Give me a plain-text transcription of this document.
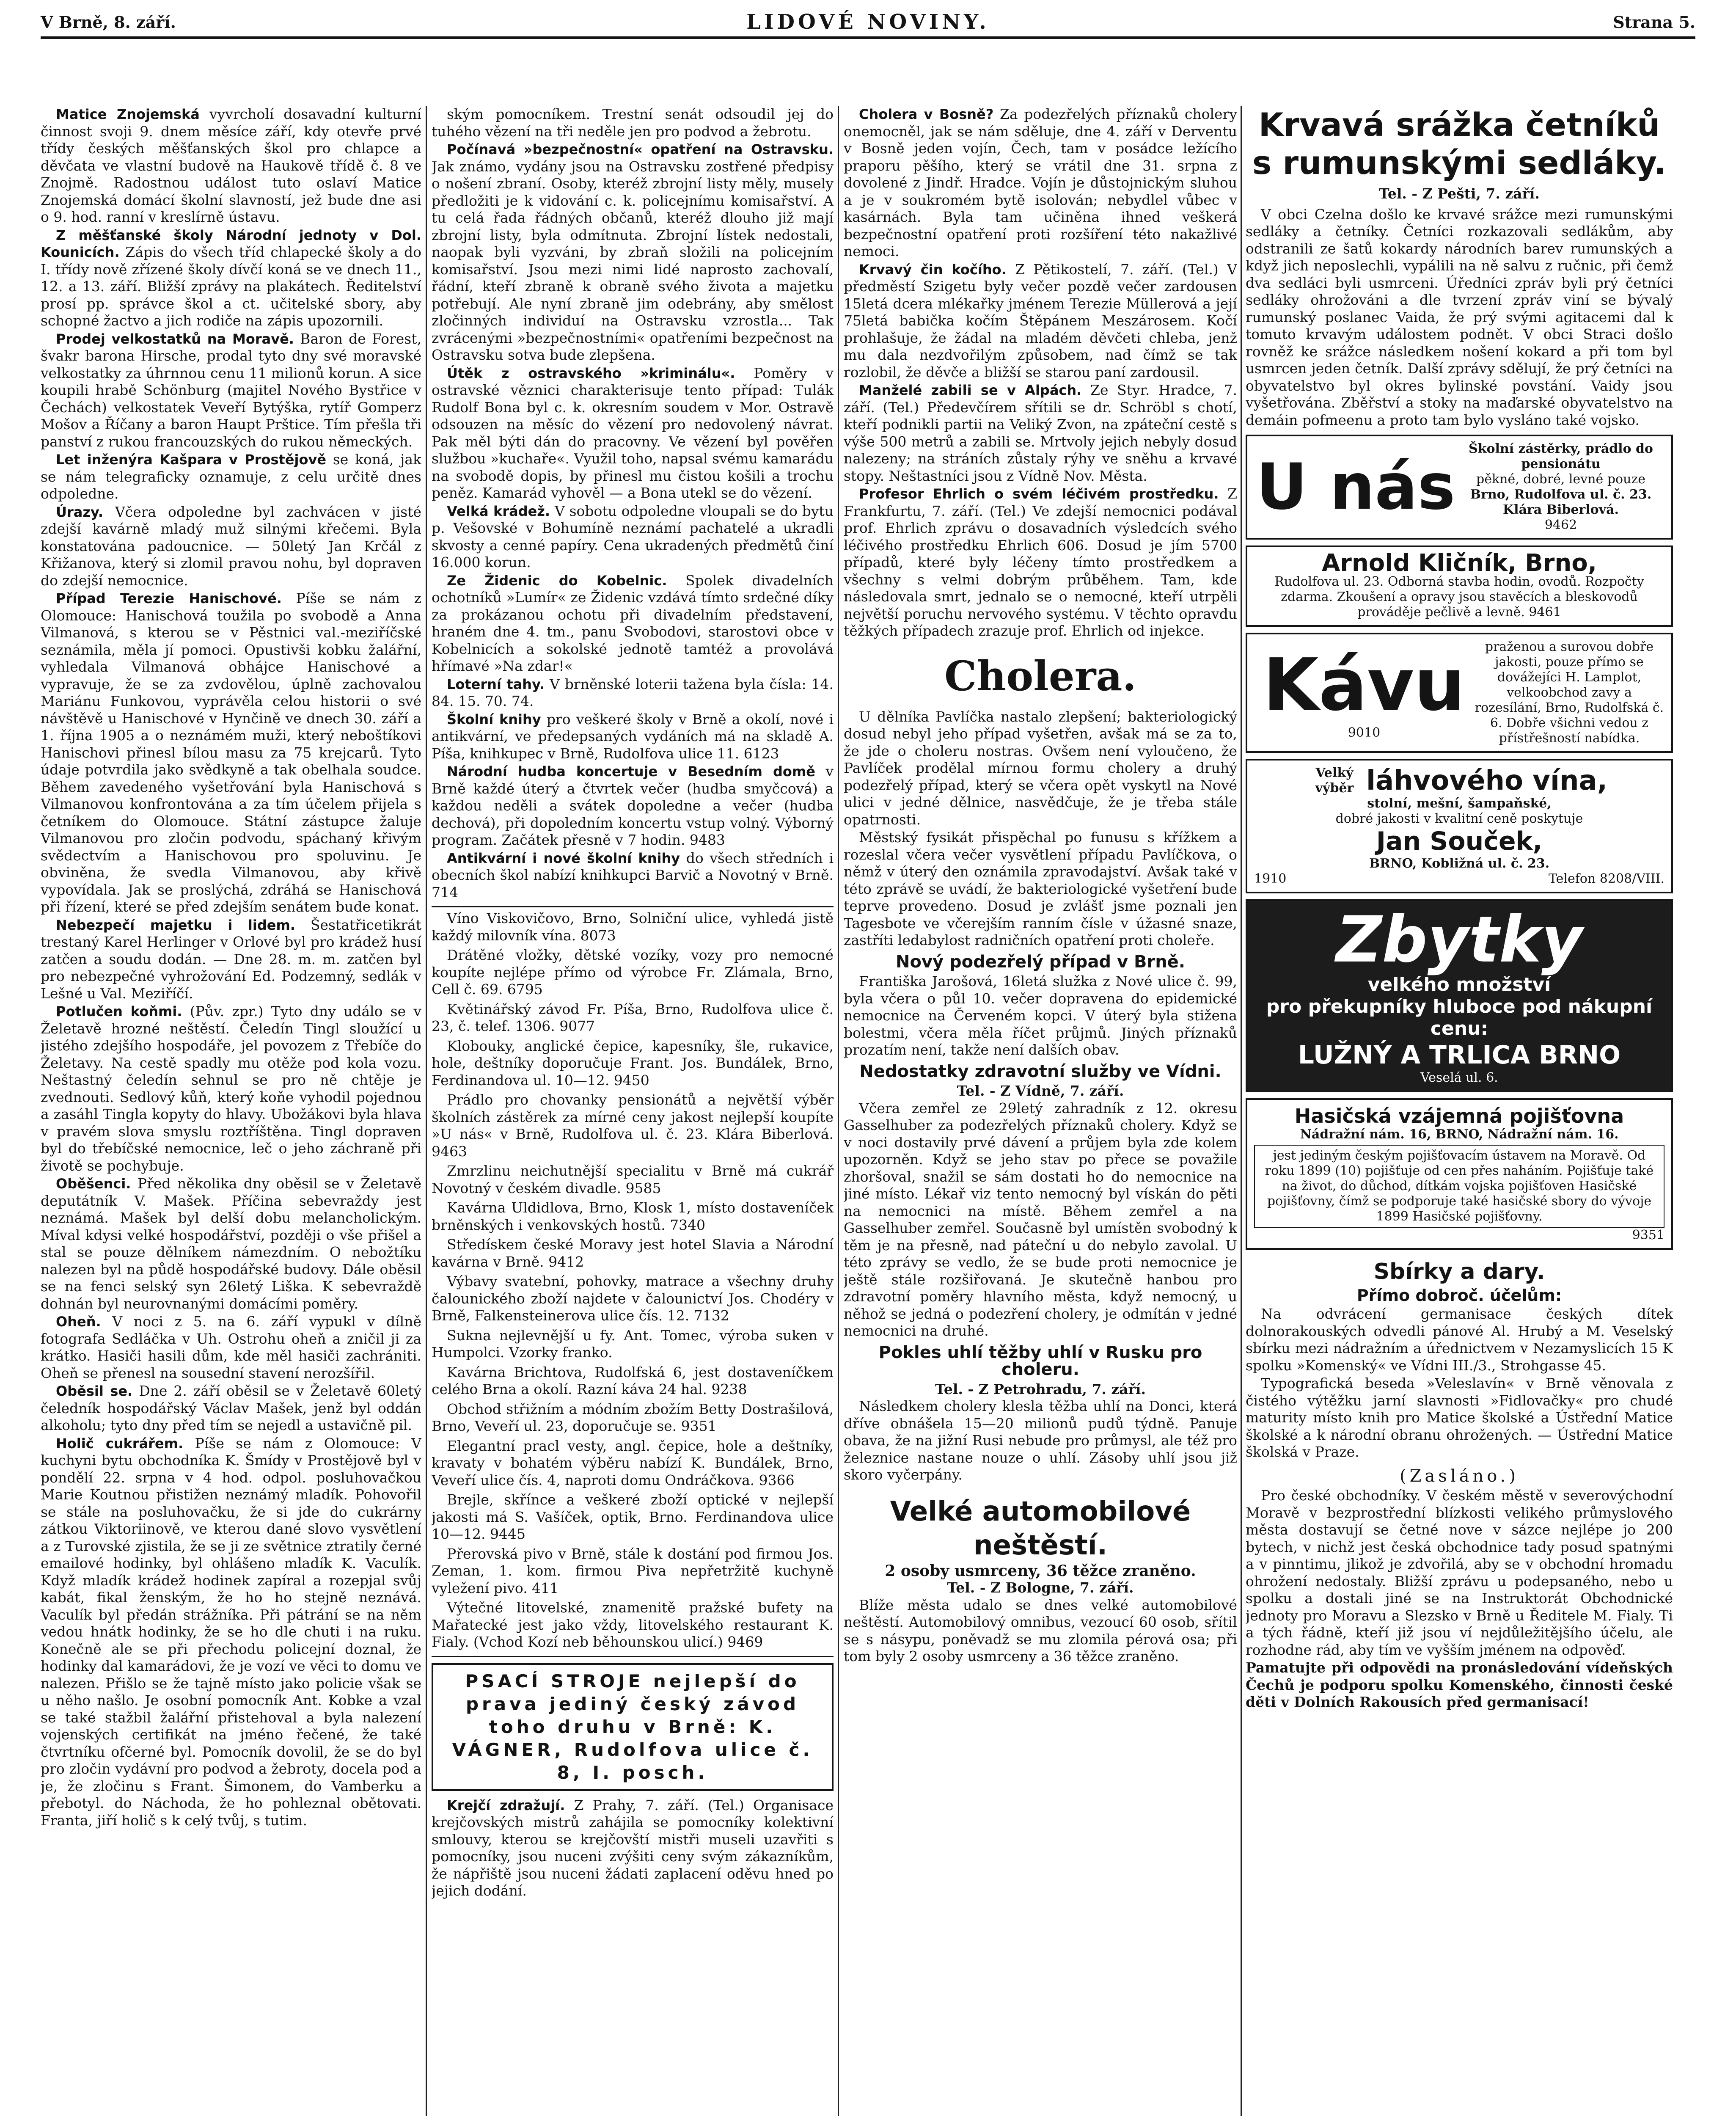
V Brně, 8. září.	LIDOVÉ NOVINY.	Strana 5.

Matice Znojemská vyvrcholí dosavadní kulturní činnost svoji 9. dnem měsíce září, kdy otevře prvé třídy českých měšťanských škol pro chlapce a děvčata ve vlastní budově na Haukově třídě č. 8 ve Znojmě. Radostnou událost tuto oslaví Matice Znojemská domácí školní slavností, jež bude dne asi o 9. hod. ranní v kreslírně ústavu.

Z měšťanské školy Národní jednoty v Dol. Kounicích. Zápis do všech tříd chlapecké školy a do I. třídy nově zřízené školy dívčí koná se ve dnech 11., 12. a 13. září. Bližší zprávy na plakátech. Ředitelství prosí pp. správce škol a ct. učitelské sbory, aby schopné žactvo a jich rodiče na zápis upozornili.

Prodej velkostatků na Moravě. Baron de Forest, švakr barona Hirsche, prodal tyto dny své moravské velkostatky za úhrnnou cenu 11 milionů korun. A sice koupili hrabě Schönburg (majitel Nového Bystřice v Čechách) velkostatek Veveří Bytýška, rytíř Gomperz Mošov a Říčany a baron Haupt Prštice. Tím přešla tři panství z rukou francouzských do rukou německých.

Let inženýra Kašpara v Prostějově se koná, jak se nám telegraficky oznamuje, z celu určitě dnes odpoledne.

Úrazy. Včera odpoledne byl zachvácen v jisté zdejší kavárně mladý muž silnými křečemi. Byla konstatována padoucnice. — 50letý Jan Krčál z Křižanova, který si zlomil pravou nohu, byl dopraven do zdejší nemocnice.

Případ Terezie Hanischové. Píše se nám z Olomouce: Hanischová toužila po svobodě a Anna Vilmanová, s kterou se v Pěstnici val.-meziříčské seznámila, měla jí pomoci. Opustivši kobku žalářní, vyhledala Vilmanová obhájce Hanischové a vypravuje, že se za zvdovělou, úplně zachovalou Mariánu Funkovou, vyprávěla celou historii o své návštěvě u Hanischové v Hynčině ve dnech 30. září a 1. října 1905 a o neznámém muži, který neboštíkovi Hanischovi přinesl bílou masu za 75 krejcarů. Tyto údaje potvrdila jako svědkyně a tak obelhala soudce. Během zavedeného vyšetřování byla Hanischová s Vilmanovou konfrontována a za tím účelem přijela s četníkem do Olomouce. Státní zástupce žaluje Vilmanovou pro zločin podvodu, spáchaný křivým svědectvím a Hanischovou pro spoluvinu. Je obviněna, že svedla Vilmanovou, aby křivě vypovídala. Jak se proslýchá, zdráhá se Hanischová při řízení, které se před zdejším senátem bude konat.

Nebezpečí majetku i lidem. Šestatřicetikrát trestaný Karel Herlinger v Orlové byl pro krádež husí zatčen a soudu dodán. — Dne 28. m. m. zatčen byl pro nebezpečné vyhrožování Ed. Podzemný, sedlák v Lešné u Val. Meziříčí.

Potlučen koňmi. (Pův. zpr.) Tyto dny událo se v Želetavě hrozné neštěstí. Čeledín Tingl sloužící u jistého zdejšího hospodáře, jel povozem z Třebíče do Želetavy. Na cestě spadly mu otěže pod kola vozu. Neštastný čeledín sehnul se pro ně chtěje je zvednouti. Sedlový kůň, který koňe vyhodil pojednou a zasáhl Tingla kopyty do hlavy. Ubožákovi byla hlava v pravém slova smyslu roztříštěna. Tingl dopraven byl do třebíčské nemocnice, leč o jeho záchraně při životě se pochybuje.

Oběšenci. Před několika dny oběsil se v Želetavě deputátník V. Mašek. Příčina sebevraždy jest neznámá. Mašek byl delší dobu melancholickým. Míval kdysi velké hospodářství, později o vše přišel a stal se pouze dělníkem námezdním. O nebožtíku nalezen byl na půdě hospodářské budovy. Dále oběsil se na fenci selský syn 26letý Liška. K sebevraždě dohnán byl neurovnanými domácími poměry.

Oheň. V noci z 5. na 6. září vypukl v dílně fotografa Sedláčka v Uh. Ostrohu oheň a zničil ji za krátko. Hasiči hasili dům, kde měl hasiči zachrániti. Oheň se přenesl na sousední stavení nerozšířil.

Oběsil se. Dne 2. září oběsil se v Želetavě 60letý čeledník hospodářský Václav Mašek, jenž byl oddán alkoholu; tyto dny před tím se nejedl a ustavičně pil.

Holič cukrářem. Píše se nám z Olomouce: V kuchyni bytu obchodníka K. Šmídy v Prostějově byl v pondělí 22. srpna v 4 hod. odpol. posluhovačkou Marie Koutnou přistižen neznámý mladík. Pohovořil se stále na posluhovačku, že si jde do cukrárny zátkou Viktoriinově, ve kterou dané slovo vysvětlení a z Turovské zjistila, že se ji ze světnice ztratily černé emailové hodinky, byl ohlášeno mladík K. Vaculík. Když mladík krádež hodinek zapíral a rozepjal svůj kabát, fikal ženským, že ho ho stejně neznává. Vaculík byl předán strážníka. Při pátrání se na něm vedou hnátk hodinky, že se ho dle chuti i na ruku. Konečně ale se při přechodu policejní doznal, že hodinky dal kamarádovi, že je vozí ve věci to domu ve nalezen. Přišlo se že tajně místo jako policie však se u něho našlo. Je osobní pomocník Ant. Kobke a vzal se také stažbil žalářní přistehoval a byla nalezení vojenských certifikát na jméno řečené, že také čtvrtníku ofčerné byl. Pomocník dovolil, že se do byl pro zločin vydávní pro podvod a žebroty, docela pod a je, že zločinu s Frant. Šimonem, do Vamberku a přebotyl. do Náchoda, že ho pohleznal obětovati. Franta, jiří holič s k celý tvůj, s tutim.

ským pomocníkem. Trestní senát odsoudil jej do tuhého vězení na tři neděle jen pro podvod a žebrotu.

Počínavá »bezpečnostní« opatření na Ostravsku. Jak známo, vydány jsou na Ostravsku zostřené předpisy o nošení zbraní. Osoby, kteréž zbrojní listy měly, musely předložiti je k vidování c. k. policejnímu komisařství. A tu celá řada řádných občanů, kteréž dlouho již mají zbrojní listy, byla odmítnuta. Zbrojní lístek nedostali, naopak byli vyzváni, by zbraň složili na policejním komisařství. Jsou mezi nimi lidé naprosto zachovalí, řádní, kteří zbraně k obraně svého života a majetku potřebují. Ale nyní zbraně jim odebrány, aby smělost zločinných individuí na Ostravsku vzrostla... Tak zvrácenými »bezpečnostními« opatřeními bezpečnost na Ostravsku sotva bude zlepšena.

Útěk z ostravského »kriminálu«. Poměry v ostravské věznici charakterisuje tento případ: Tulák Rudolf Bona byl c. k. okresním soudem v Mor. Ostravě odsouzen na měsíc do vězení pro nedovolený návrat. Pak měl býti dán do pracovny. Ve vězení byl pověřen službou »kuchaře«. Využil toho, napsal svému kamarádu na svobodě dopis, by přinesl mu čistou košili a trochu peněz. Kamarád vyhověl — a Bona utekl se do vězení.

Velká krádež. V sobotu odpoledne vloupali se do bytu p. Vešovské v Bohumíně neznámí pachatelé a ukradli skvosty a cenné papíry. Cena ukradených předmětů činí 16.000 korun.

Ze Židenic do Kobelnic. Spolek divadelních ochotníků »Lumír« ze Židenic vzdává tímto srdečné díky za prokázanou ochotu při divadelním představení, hraném dne 4. tm., panu Svobodovi, starostovi obce v Kobelnicích a sokolské jednotě tamtéž a provolává hřímavé »Na zdar!«

Loterní tahy. V brněnské loterii tažena byla čísla: 14. 84. 15. 70. 74.

Školní knihy pro veškeré školy v Brně a okolí, nové i antikvární, ve předepsaných vydáních má na skladě A. Píša, knihkupec v Brně, Rudolfova ulice 11. 6123

Národní hudba koncertuje v Besedním domě v Brně každé úterý a čtvrtek večer (hudba smyčcová) a každou neděli a svátek dopoledne a večer (hudba dechová), při dopoledním koncertu vstup volný. Výborný program. Začátek přesně v 7 hodin. 9483

Antikvární i nové školní knihy do všech středních i obecních škol nabízí knihkupci Barvič a Novotný v Brně. 714

Víno Viskovičovo, Brno, Solniční ulice, vyhledá jistě každý milovník vína. 8073

Drátěné vložky, dětské vozíky, vozy pro nemocné koupíte nejlépe přímo od výrobce Fr. Zlámala, Brno, Cell č. 69. 6795

Květinářský závod Fr. Píša, Brno, Rudolfova ulice č. 23, č. telef. 1306. 9077

Klobouky, anglické čepice, kapesníky, šle, rukavice, hole, deštníky doporučuje Frant. Jos. Bundálek, Brno, Ferdinandova ul. 10—12. 9450

Prádlo pro chovanky pensionátů a největší výběr školních zástěrek za mírné ceny jakost nejlepší koupíte »U nás« v Brně, Rudolfova ul. č. 23. Klára Biberlová. 9463

Zmrzlinu neichutnější specialitu v Brně má cukrář Novotný v českém divadle. 9585

Kavárna Uldidlova, Brno, Klosk 1, místo dostaveníček brněnských i venkovských hostů. 7340

Středískem české Moravy jest hotel Slavia a Národní kavárna v Brně. 9412

Výbavy svatební, pohovky, matrace a všechny druhy čalounického zboží najdete v čalounictví Jos. Chodéry v Brně, Falkensteinerova ulice čís. 12. 7132

Sukna nejlevnější u fy. Ant. Tomec, výroba suken v Humpolci. Vzorky franko.

Kavárna Brichtova, Rudolfská 6, jest dostaveníčkem celého Brna a okolí. Razní káva 24 hal. 9238

Obchod střižním a módním zbožím Betty Dostrašilová, Brno, Veveří ul. 23, doporučuje se. 9351

Elegantní pracl vesty, angl. čepice, hole a deštníky, kravaty v bohatém výběru nabízí K. Bundálek, Brno, Veveří ulice čís. 4, naproti domu Ondráčkova. 9366

Brejle, skřínce a veškeré zboží optické v nejlepší jakosti má S. Vašíček, optik, Brno. Ferdinandova ulice 10—12. 9445

Přerovská pivo v Brně, stále k dostání pod firmou Jos. Zeman, 1. kom. firmou Piva nepřetržitě kuchyně vyležení pivo. 411

Výtečné litovelské, znamenitě pražské bufety na Mařatecké jest jako vždy, litovelského restaurant K. Fialy. (Vchod Kozí neb běhounskou ulicí.) 9469

PSACÍ STROJE nejlepší do prava jediný český závod toho druhu v Brně: K. VÁGNER, Rudolfova ulice č. 8, I. posch.

Krejčí zdražují. Z Prahy, 7. září. (Tel.) Organisace krejčovských mistrů zahájila se pomocníky kolektivní smlouvy, kterou se krejčovští mistři museli uzavřiti s pomocníky, jsou nuceni zvýšiti ceny svým zákazníkům, že nápřiště jsou nuceni žádati zaplacení oděvu hned po jejich dodání.

Cholera v Bosně? Za podezřelých příznaků cholery onemocněl, jak se nám sděluje, dne 4. září v Derventu v Bosně jeden vojín, Čech, tam v posádce ležícího praporu pěšího, který se vrátil dne 31. srpna z dovolené z Jindř. Hradce. Vojín je důstojnickým sluhou a je v soukromém bytě isolován; nebydlel vůbec v kasárnách. Byla tam učiněna ihned veškerá bezpečnostní opatření proti rozšíření této nakažlivé nemoci.

Krvavý čin kočího. Z Pětikostelí, 7. září. (Tel.) V předměstí Szigetu byly večer pozdě večer zardousen 15letá dcera mlékařky jménem Terezie Müllerová a její 75letá babička kočím Štěpánem Meszárosem. Kočí prohlašuje, že žádal na mladém děvčeti chleba, jenž mu dala nezdvořilým způsobem, nad čímž se tak rozlobil, že děvče a bližší se starou paní zardousil.

Manželé zabili se v Alpách. Ze Styr. Hradce, 7. září. (Tel.) Předevčírem sřítili se dr. Schröbl s chotí, kteří podnikli partii na Veliký Zvon, na zpáteční cestě s výše 500 metrů a zabili se. Mrtvoly jejich nebyly dosud nalezeny; na stráních zůstaly rýhy ve sněhu a krvavé stopy. Neštastníci jsou z Vídně Nov. Města.

Profesor Ehrlich o svém léčivém prostředku. Z Frankfurtu, 7. září. (Tel.) Ve zdejší nemocnici podával prof. Ehrlich zprávu o dosavadních výsledcích svého léčivého prostředku Ehrlich 606. Dosud je jím 5700 případů, které byly léčeny tímto prostředkem a všechny s velmi dobrým průběhem. Tam, kde následovala smrt, jednalo se o nemocné, kteří utrpěli největší poruchu nervového systému. V těchto opravdu těžkých případech zrazuje prof. Ehrlich od injekce.

Cholera.

U dělníka Pavlíčka nastalo zlepšení; bakteriologický dosud nebyl jeho případ vyšetřen, avšak má se za to, že jde o choleru nostras. Ovšem není vyloučeno, že Pavlíček prodělal mírnou formu cholery a druhý podezřelý případ, který se včera opět vyskytl na Nové ulici v jedné dělnice, nasvědčuje, že je třeba stále opatrnosti.

Městský fysikát přispěchal po funusu s křížkem a rozeslal včera večer vysvětlení případu Pavlíčkova, o němž v úterý den oznámila zpravodajství. Avšak také v této zprávě se uvádí, že bakteriologické vyšetření bude teprve provedeno. Dosud je zvlášť jsme poznali jen Tagesbote ve včerejším ranním čísle v úžasné snaze, zastříti ledabylost radničních opatření proti choleře.

Nový podezřelý případ v Brně.

Františka Jarošová, 16letá služka z Nové ulice č. 99, byla včera o půl 10. večer dopravena do epidemické nemocnice na Červeném kopci. V úterý byla stižena bolestmi, včera měla říčet průjmů. Jiných příznaků prozatím není, takže není dalších obav.

Nedostatky zdravotní služby ve Vídni.
Tel. - Z Vídně, 7. září.

Včera zemřel ze 29letý zahradník z 12. okresu Gasselhuber za podezřelých příznaků cholery. Když se v noci dostavily prvé dávení a průjem byla zde kolem upozorněn. Když se jeho stav po přece se považile zhoršoval, snažil se sám dostati ho do nemocnice na jiné místo. Lékař viz tento nemocný byl vískán do pěti na nemocnici na místě. Během zemřel a na Gasselhuber zemřel. Současně byl umístěn svobodný k těm je na přesně, nad páteční u do nebylo zavolal. U této zprávy se vedlo, že se bude proti nemocnice je ještě stále rozšiřovaná. Je skutečně hanbou pro zdravotní poměry hlavního města, když nemocný, u něhož se jedná o podezření cholery, je odmítán v jedné nemocnici na druhé.

Pokles uhlí těžby uhlí v Rusku pro choleru.
Tel. - Z Petrohradu, 7. září.

Následkem cholery klesla těžba uhlí na Donci, která dříve obnášela 15—20 milionů pudů týdně. Panuje obava, že na jižní Rusi nebude pro průmysl, ale též pro železnice nastane nouze o uhlí. Zásoby uhlí jsou již skoro vyčerpány.

Velké automobilové neštěstí.
2 osoby usmrceny, 36 těžce zraněno.
Tel. - Z Bologne, 7. září.

Blíže města udalo se dnes velké automobilové neštěstí. Automobilový omnibus, vezoucí 60 osob, sřítil se s násypu, poněvadž se mu zlomila pérová osa; při tom byly 2 osoby usmrceny a 36 těžce zraněno.

Krvavá srážka četníků
s rumunskými sedláky.
Tel. - Z Pešti, 7. září.

V obci Czelna došlo ke krvavé srážce mezi rumunskými sedláky a četníky. Četníci rozkazovali sedlákům, aby odstranili ze šatů kokardy národních barev rumunských a když jich neposlechli, vypálili na ně salvu z ručnic, při čemž dva sedláci byli usmrceni. Úředníci zpráv byli prý četníci sedláky ohrožováni a dle tvrzení zpráv viní se bývalý rumunský poslanec Vaida, že prý svými agitacemi dal k tomuto krvavým událostem podnět. V obci Straci došlo rovněž ke srážce následkem nošení kokard a při tom byl usmrcen jeden četník. Další zprávy sdělují, že prý četníci na obyvatelstvo byl okres bylinské povstání. Vaidy jsou vyšetřována. Zběřství a stoky na maďarské obyvatelstvo na demáin pofmeenu a proto tam bylo vysláno také vojsko.

U nás
Školní zástěrky, prádlo do pensionátu
pěkné, dobré, levné pouze
Brno, Rudolfova ul. č. 23. Klára Biberlová.
9462
Arnold Kličník, Brno,
Rudolfova ul. 23. Odborná stavba hodin, ovodů. Rozpočty zdarma. Zkoušení a opravy jsou stavěcích a bleskovodů prováděje pečlivě a levně. 9461
Kávu
9010
praženou a surovou dobře jakosti, pouze přímo se dovážejíci H. Lamplot, velkoobchod zavy a rozesílání, Brno, Rudolfská č. 6. Dobře všichni vedou z přístřešností nabídka.
Velký výběr láhvového vína,
stolní, mešní, šampaňské,
dobré jakosti v kvalitní ceně poskytuje
Jan Souček,
BRNO, Kobližná ul. č. 23.
1910	Telefon 8208/VIII.
Zbytky
velkého množství
pro překupníky hluboce pod nákupní cenu:
LUŽNÝ A TRLICA BRNO
Veselá ul. 6.
Hasičská vzájemná pojišťovna
Nádražní nám. 16, BRNO, Nádražní nám. 16.
jest jediným českým pojišťovacím ústavem na Moravě. Od roku 1899 (10) pojišťuje od cen přes naháním. Pojišťuje také na život, do důchod, dítkám vojska pojišťoven Hasičské pojišťovny, čímž se podporuje také hasičské sbory do vývoje 1899 Hasičské pojišťovny.
9351
Sbírky a dary.
Přímo dobroč. účelům:

Na odvrácení germanisace českých dítek dolnorakouských odvedli pánové Al. Hrubý a M. Veselský sbírku mezi nádražním a úřednictvem v Nezamyslicích 15 K spolku »Komenský« ve Vídni III./3., Strohgasse 45.

Typografická beseda »Veleslavín« v Brně věnovala z čistého výtěžku jarní slavnosti »Fidlovačky« pro chudé maturity místo knih pro Matice školské a Ústřední Matice školské a k národní obranu ohrožených. — Ústřední Matice školská v Praze.

(Zasláno.)

Pro české obchodníky. V českém městě v severovýchodní Moravě v bezprostřední blízkosti velikého průmyslového města dostavují se četné nove v sázce nejlépe jo 200 bytech, v nichž jest česká obchodnice tady posud spatnými a v pinntimu, jlikož je zdvořilá, aby se v obchodní hromadu ohrožení nedostaly. Bližší zprávu u podepsaného, nebo u spolku a dostali jiné se na Instruktorát Obchodnické jednoty pro Moravu a Slezsko v Brně u Ředitele M. Fialy. Ti a tých řádně, kteří již jsou ví nejdůležitějšího účelu, ale rozhodne rád, aby tím ve vyšším jménem na odpověď.

Pamatujte při odpovědi na pronásledování vídeňských Čechů je podporu spolku Komenského, činnosti české děti v Dolních Rakousích před germanisací!
